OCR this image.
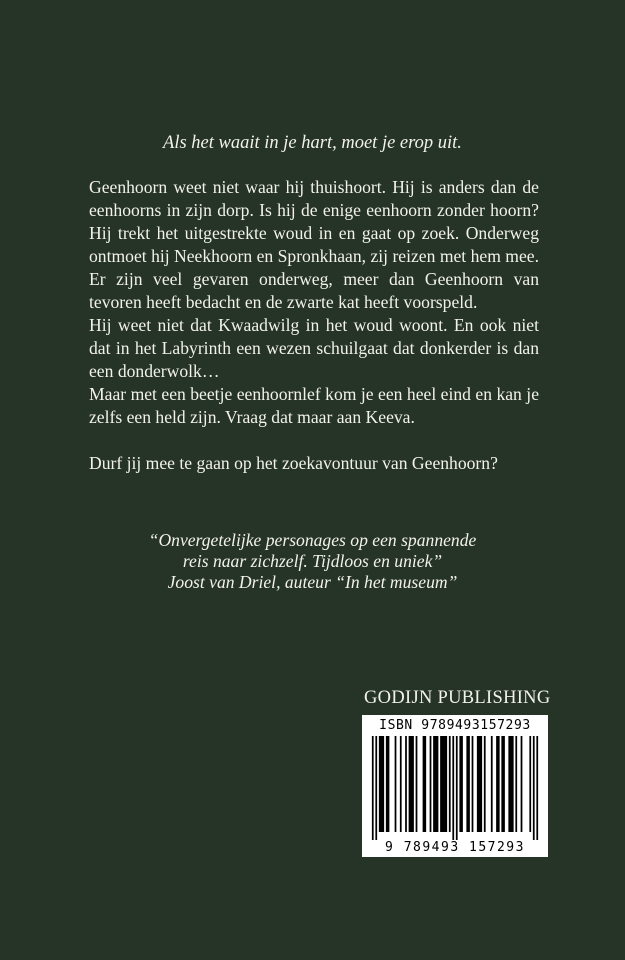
Als het waait in je hart, moet je erop uit.

Geenhoorn weet niet waar hij thuishoort. Hij is anders dan de eenhoorns in zijn dorp. Is hij de enige eenhoorn zonder hoorn? Hij trekt het uitgestrekte woud in en gaat op zoek. Onderweg ontmoet hij Neekhoorn en Spronkhaan, zij reizen met hem mee. Er zijn veel gevaren onderweg, meer dan Geenhoorn van tevoren heeft bedacht en de zwarte kat heeft voorspeld.

Hij weet niet dat Kwaadwilg in het woud woont. En ook niet dat in het Labyrinth een wezen schuilgaat dat donkerder is dan een donderwolk…

Maar met een beetje eenhoornlef kom je een heel eind en kan je zelfs een held zijn. Vraag dat maar aan Keeva.

Durf jij mee te gaan op het zoekavontuur van Geenhoorn?

“Onvergetelijke personages op een spannende
reis naar zichzelf. Tijdloos en uniek”
Joost van Driel, auteur “In het museum”
GODIJN PUBLISHING
ISBN 9789493157293
9 789493 157293
